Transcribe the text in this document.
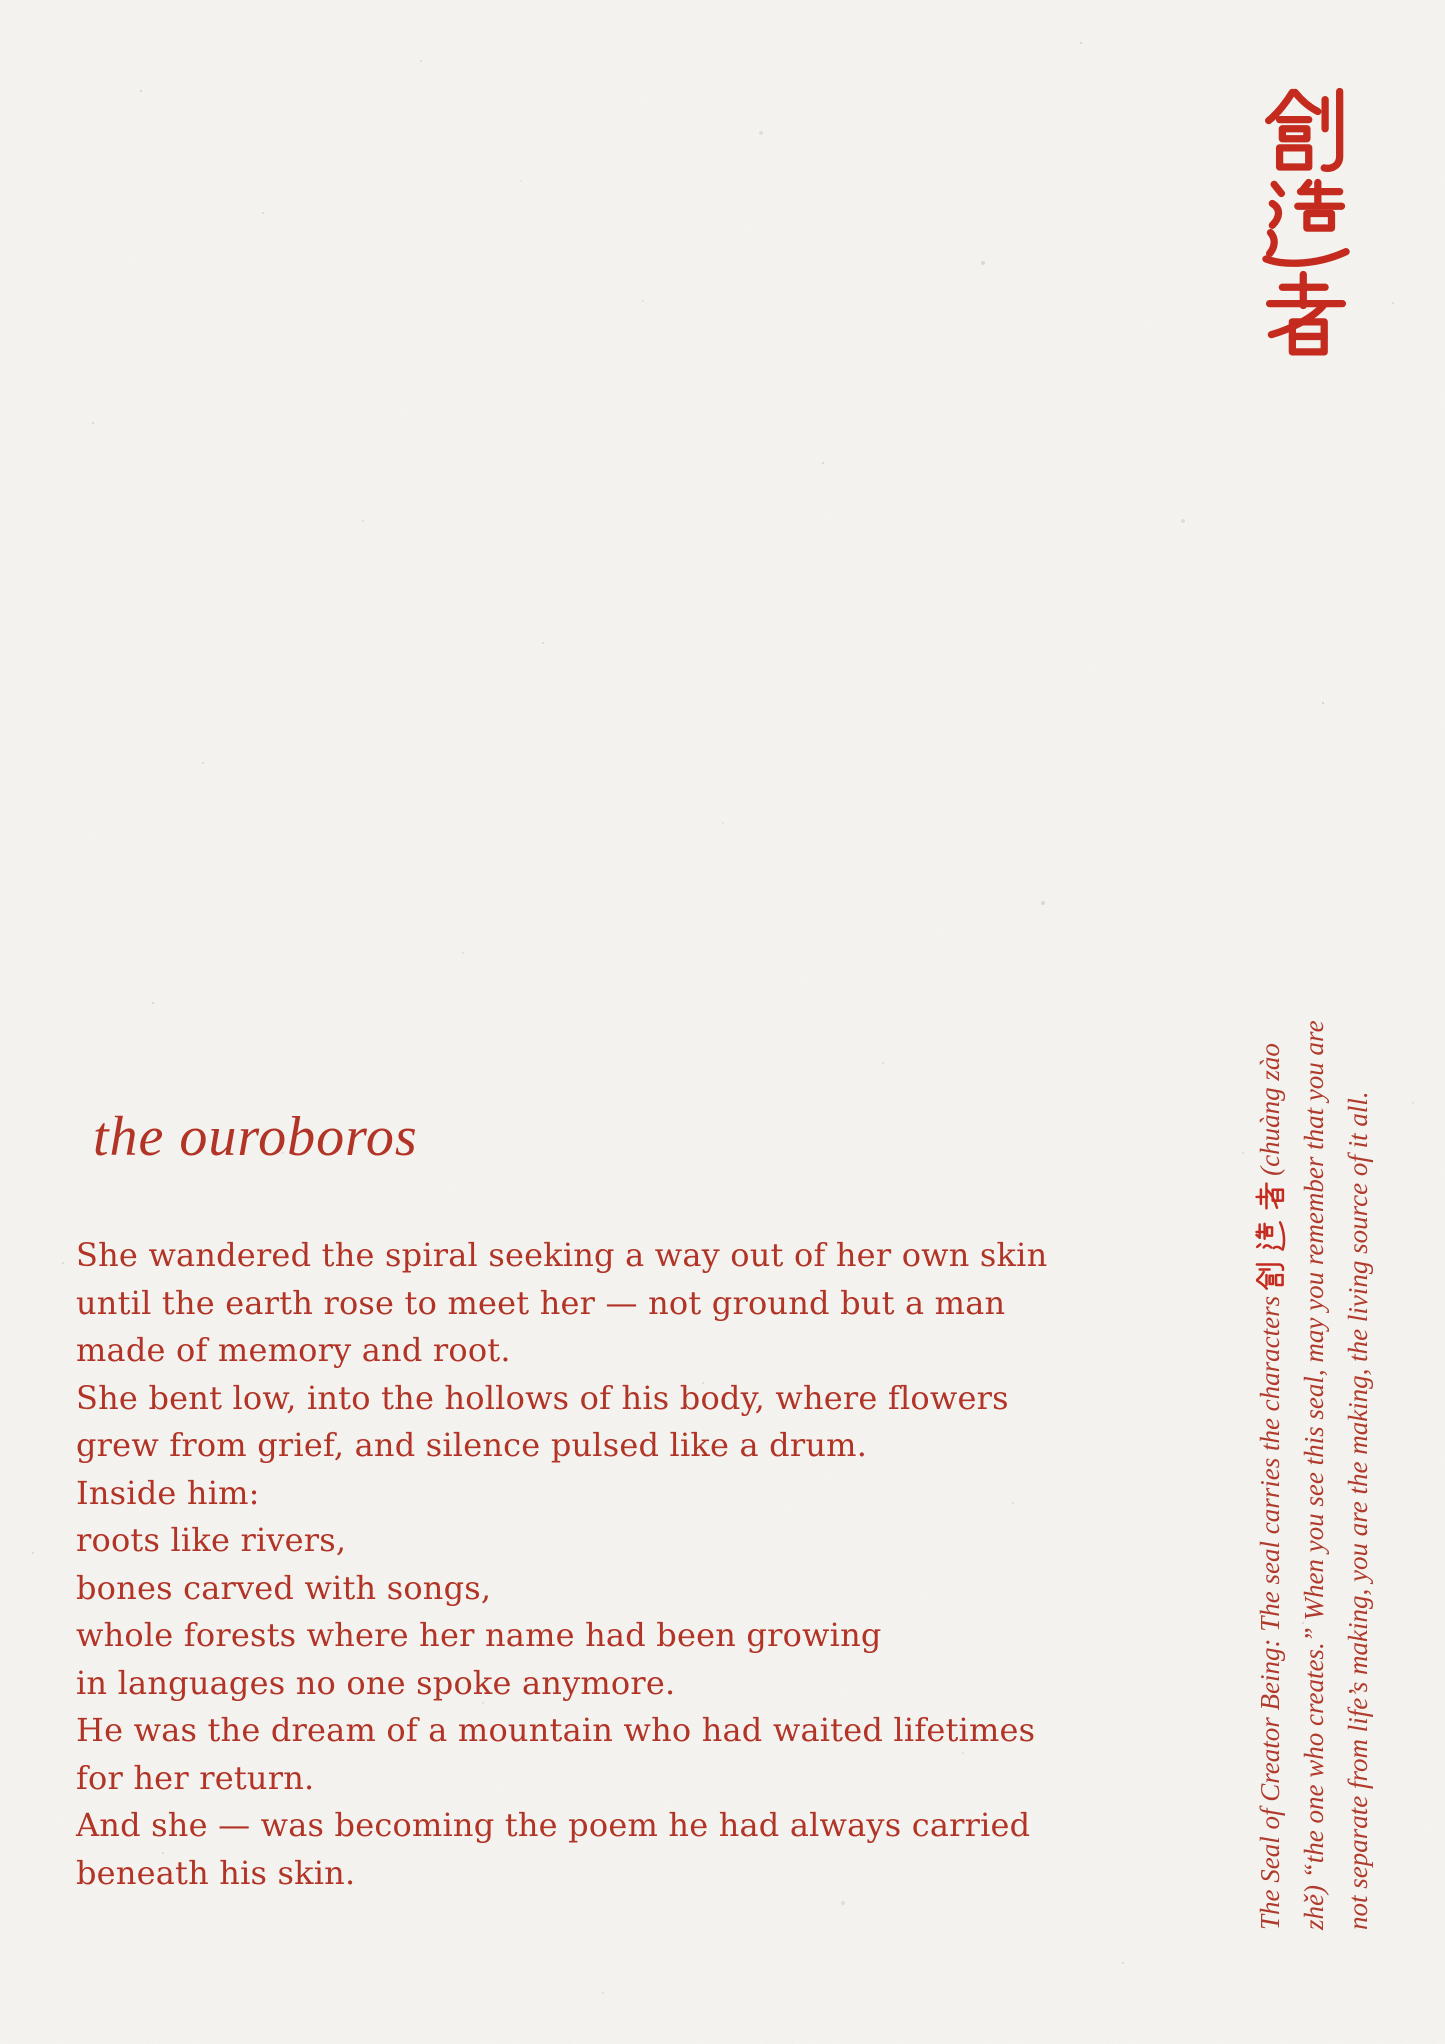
the ouroboros
She wandered the spiral seeking a way out of her own skin
until the earth rose to meet her — not ground but a man
made of memory and root.
She bent low, into the hollows of his body, where flowers
grew from grief, and silence pulsed like a drum.
Inside him:
roots like rivers,
bones carved with songs,
whole forests where her name had been growing
in languages no one spoke anymore.
He was the dream of a mountain who had waited lifetimes
for her return.
And she — was becoming the poem he had always carried
beneath his skin.	The Seal of Creator Being: The seal carries the characters
(chuàng zào zhě) “the one who creates.” When you see this seal, may you remember that you are not separate from life’s making, you are the making, the living source of it all.
